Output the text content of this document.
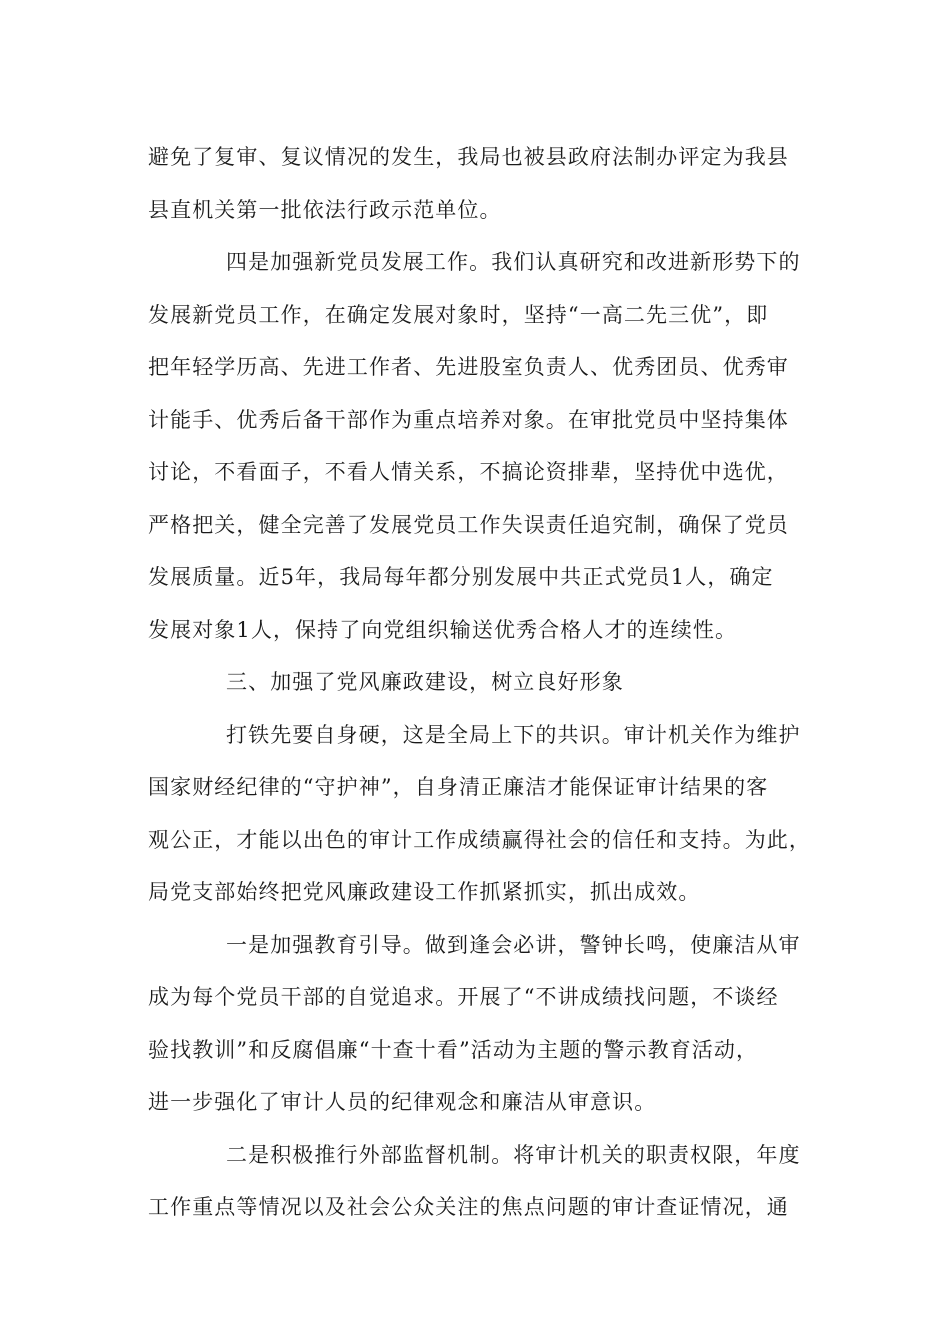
避免了复审、复议情况的发生，我局也被县政府法制办评定为我县
县直机关第一批依法行政示范单位。
四是加强新党员发展工作。我们认真研究和改进新形势下的
发展新党员工作，在确定发展对象时，坚持“一高二先三优”，即
把年轻学历高、先进工作者、先进股室负责人、优秀团员、优秀审
计能手、优秀后备干部作为重点培养对象。在审批党员中坚持集体
讨论，不看面子，不看人情关系，不搞论资排辈，坚持优中选优，
严格把关，健全完善了发展党员工作失误责任追究制，确保了党员
发展质量。近5年，我局每年都分别发展中共正式党员1人，确定
发展对象1人，保持了向党组织输送优秀合格人才的连续性。
三、加强了党风廉政建设，树立良好形象
打铁先要自身硬，这是全局上下的共识。审计机关作为维护
国家财经纪律的“守护神”，自身清正廉洁才能保证审计结果的客
观公正，才能以出色的审计工作成绩赢得社会的信任和支持。为此，
局党支部始终把党风廉政建设工作抓紧抓实，抓出成效。
一是加强教育引导。做到逢会必讲，警钟长鸣，使廉洁从审
成为每个党员干部的自觉追求。开展了“不讲成绩找问题，不谈经
验找教训”和反腐倡廉“十查十看”活动为主题的警示教育活动，
进一步强化了审计人员的纪律观念和廉洁从审意识。
二是积极推行外部监督机制。将审计机关的职责权限，年度
工作重点等情况以及社会公众关注的焦点问题的审计查证情况，通
